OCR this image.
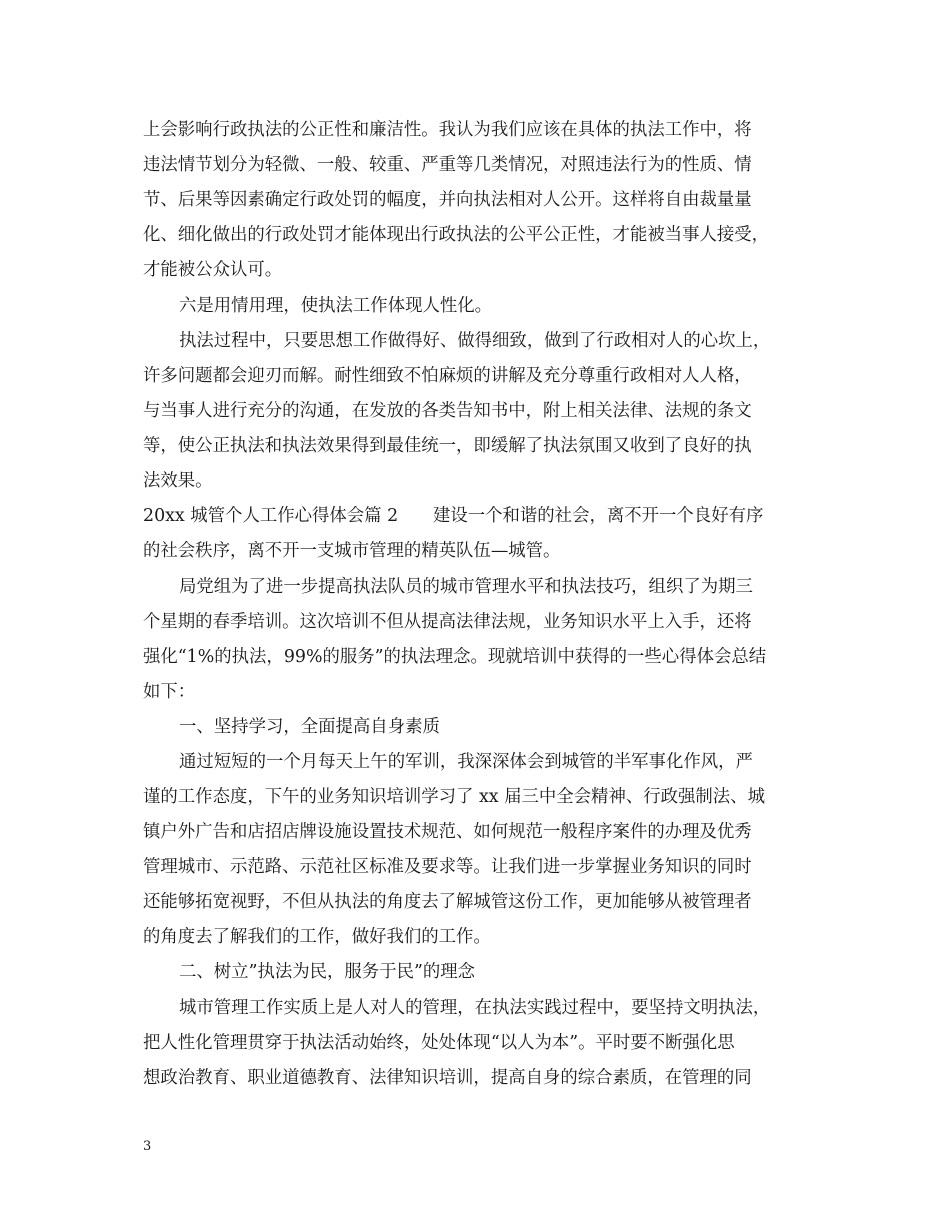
上会影响行政执法的公正性和廉洁性。我认为我们应该在具体的执法工作中，将
违法情节划分为轻微、一般、较重、严重等几类情况，对照违法行为的性质、情
节、后果等因素确定行政处罚的幅度，并向执法相对人公开。这样将自由裁量量
化、细化做出的行政处罚才能体现出行政执法的公平公正性，才能被当事人接受，
才能被公众认可。
六是用情用理，使执法工作体现人性化。
执法过程中，只要思想工作做得好、做得细致，做到了行政相对人的心坎上，
许多问题都会迎刃而解。耐性细致不怕麻烦的讲解及充分尊重行政相对人人格，
与当事人进行充分的沟通，在发放的各类告知书中，附上相关法律、法规的条文
等，使公正执法和执法效果得到最佳统一，即缓解了执法氛围又收到了良好的执
法效果。
20xx 城管个人工作心得体会篇 2　　建设一个和谐的社会，离不开一个良好有序
的社会秩序，离不开一支城市管理的精英队伍—城管。
局党组为了进一步提高执法队员的城市管理水平和执法技巧，组织了为期三
个星期的春季培训。这次培训不但从提高法律法规，业务知识水平上入手，还将
强化“1%的执法，99%的服务”的执法理念。现就培训中获得的一些心得体会总结
如下：
一、坚持学习，全面提高自身素质
通过短短的一个月每天上午的军训，我深深体会到城管的半军事化作风，严
谨的工作态度，下午的业务知识培训学习了 xx 届三中全会精神、行政强制法、城
镇户外广告和店招店牌设施设置技术规范、如何规范一般程序案件的办理及优秀
管理城市、示范路、示范社区标准及要求等。让我们进一步掌握业务知识的同时
还能够拓宽视野，不但从执法的角度去了解城管这份工作，更加能够从被管理者
的角度去了解我们的工作，做好我们的工作。
二、树立”执法为民，服务于民”的理念
城市管理工作实质上是人对人的管理，在执法实践过程中，要坚持文明执法，
把人性化管理贯穿于执法活动始终，处处体现“以人为本”。平时要不断强化思
想政治教育、职业道德教育、法律知识培训，提高自身的综合素质，在管理的同
3
